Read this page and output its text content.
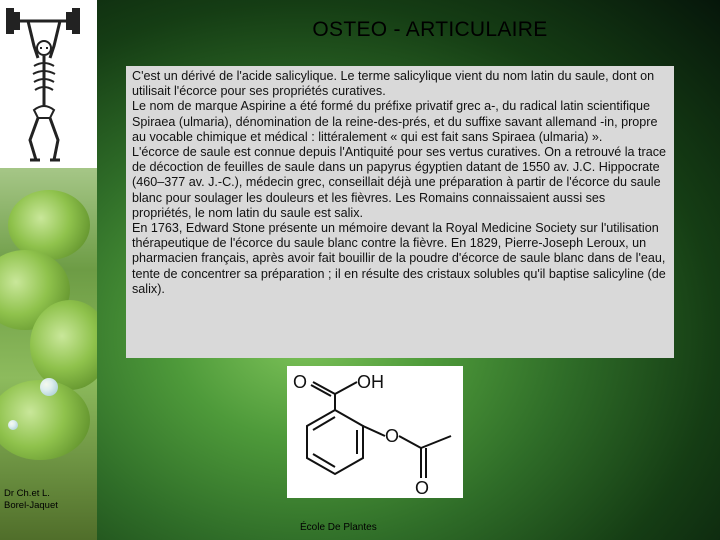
OSTEO - ARTICULAIRE

C'est un dérivé de l'acide salicylique. Le terme salicylique vient du nom latin du saule, dont on utilisait l'écorce pour ses propriétés curatives.

Le nom de marque Aspirine a été formé du préfixe privatif grec a-, du radical latin scientifique Spiraea (ulmaria), dénomination de la reine-des-prés, et du suffixe savant allemand -in, propre au vocable chimique et médical : littéralement « qui est fait sans Spiraea (ulmaria) ».

L'écorce de saule est connue depuis l'Antiquité pour ses vertus curatives. On a retrouvé la trace de décoction de feuilles de saule dans un papyrus égyptien datant de 1550 av. J.C. Hippocrate (460–377 av. J.-C.), médecin grec, conseillait déjà une préparation à partir de l'écorce du saule blanc pour soulager les douleurs et les fièvres. Les Romains connaissaient aussi ses propriétés, le nom latin du saule est salix.

En 1763, Edward Stone présente un mémoire devant la Royal Medicine Society sur l'utilisation thérapeutique de l'écorce du saule blanc contre la fièvre. En 1829, Pierre-Joseph Leroux, un pharmacien français, après avoir fait bouillir de la poudre d'écorce de saule blanc dans de l'eau, tente de concentrer sa préparation ; il en résulte des cristaux solubles qu'il baptise salicyline (de salix).

O	OH
O
O
Dr Ch.et L.
Borel-Jaquet
École De Plantes
